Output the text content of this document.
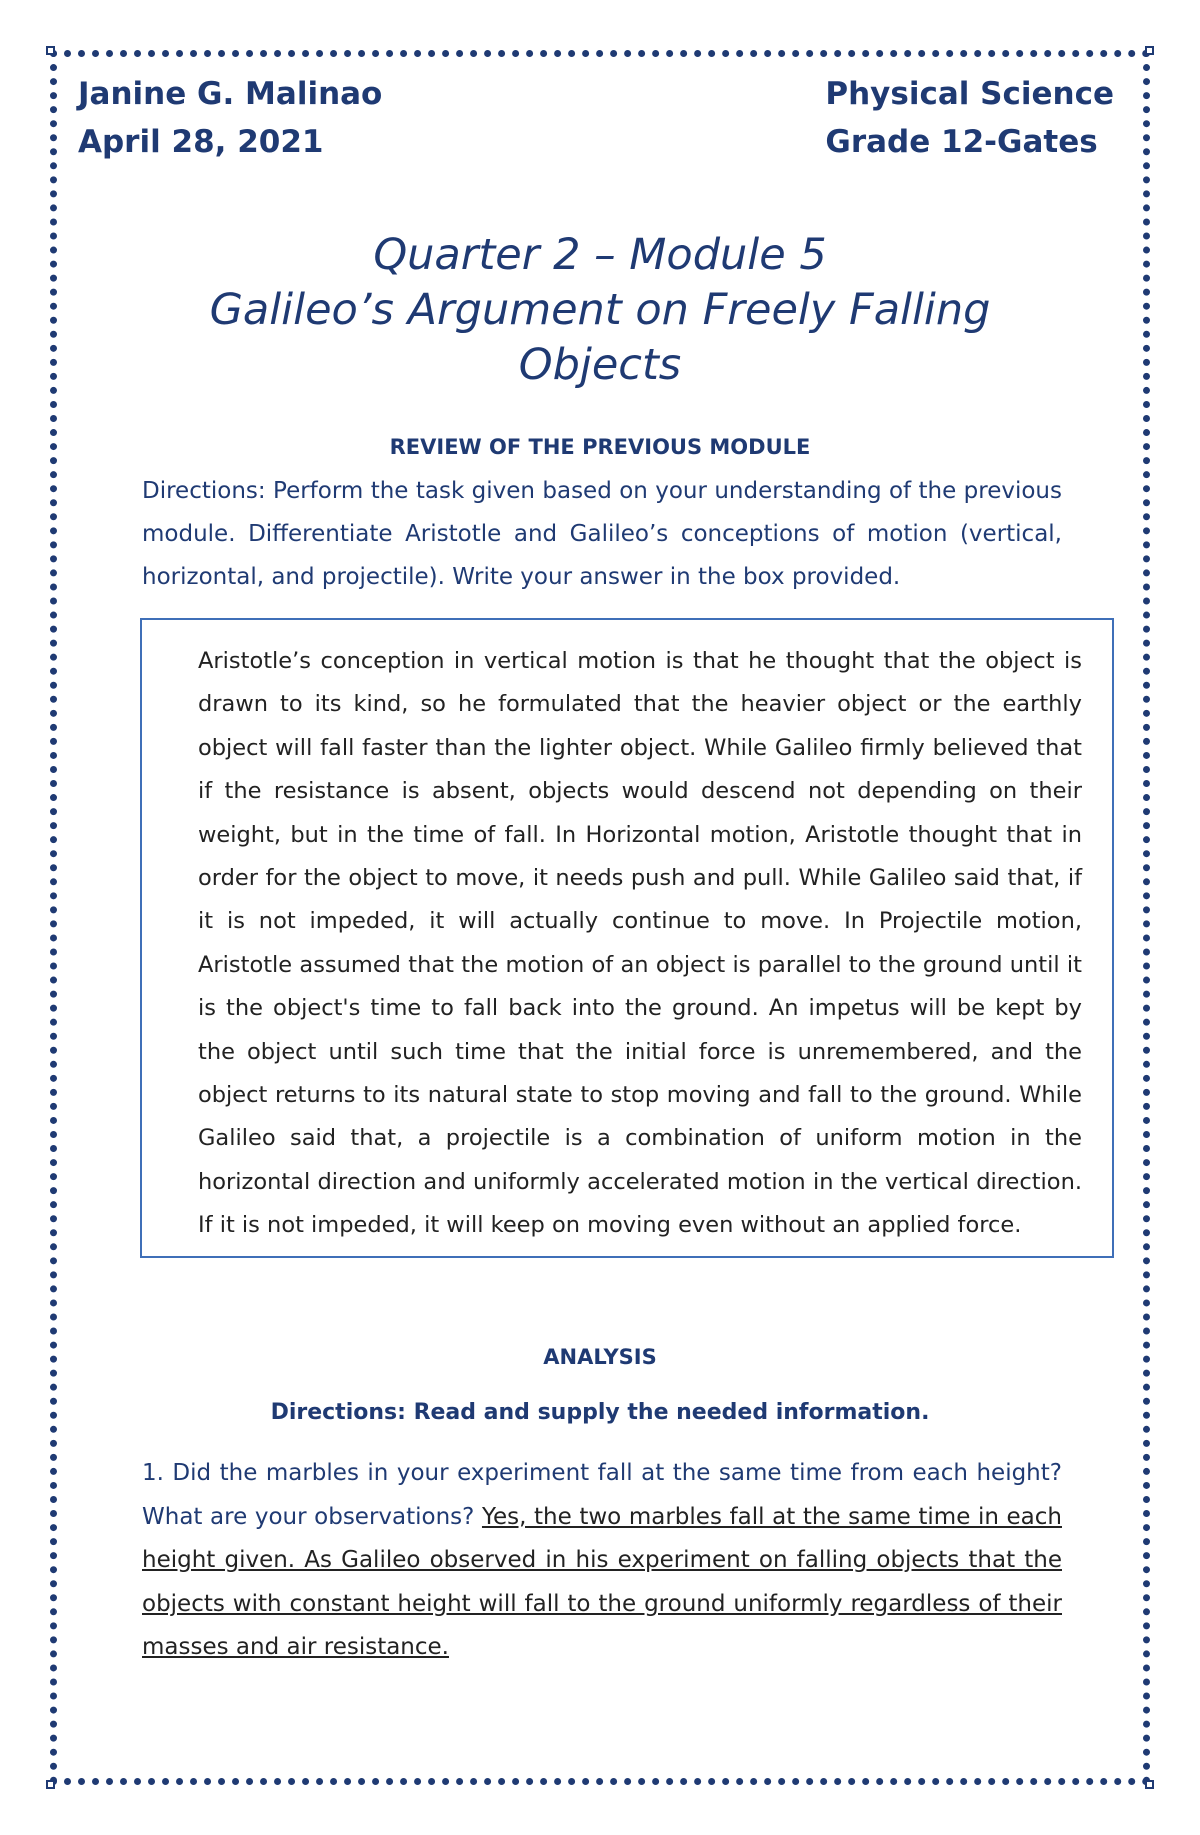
Janine G. Malinao
April 28, 2021
Physical Science
Grade 12-Gates
Quarter 2 – Module 5
Galileo’s Argument on Freely Falling
Objects
REVIEW OF THE PREVIOUS MODULE
Directions: Perform the task given based on your understanding of the previous module. Differentiate Aristotle and Galileo’s conceptions of motion (vertical, horizontal, and projectile). Write your answer in the box provided.
Aristotle’s conception in vertical motion is that he thought that the object is drawn to its kind, so he formulated that the heavier object or the earthly object will fall faster than the lighter object. While Galileo firmly believed that if the resistance is absent, objects would descend not depending on their weight, but in the time of fall. In Horizontal motion, Aristotle thought that in order for the object to move, it needs push and pull. While Galileo said that, if it is not impeded, it will actually continue to move. In Projectile motion, Aristotle assumed that the motion of an object is parallel to the ground until it is the object's time to fall back into the ground. An impetus will be kept by the object until such time that the initial force is unremembered, and the object returns to its natural state to stop moving and fall to the ground. While Galileo said that, a projectile is a combination of uniform motion in the horizontal direction and uniformly accelerated motion in the vertical direction. If it is not impeded, it will keep on moving even without an applied force.
ANALYSIS
Directions: Read and supply the needed information.
1. Did the marbles in your experiment fall at the same time from each height? What are your observations? Yes, the two marbles fall at the same time in each height given. As Galileo observed in his experiment on falling objects that the objects with constant height will fall to the ground uniformly regardless of their masses and air resistance.
